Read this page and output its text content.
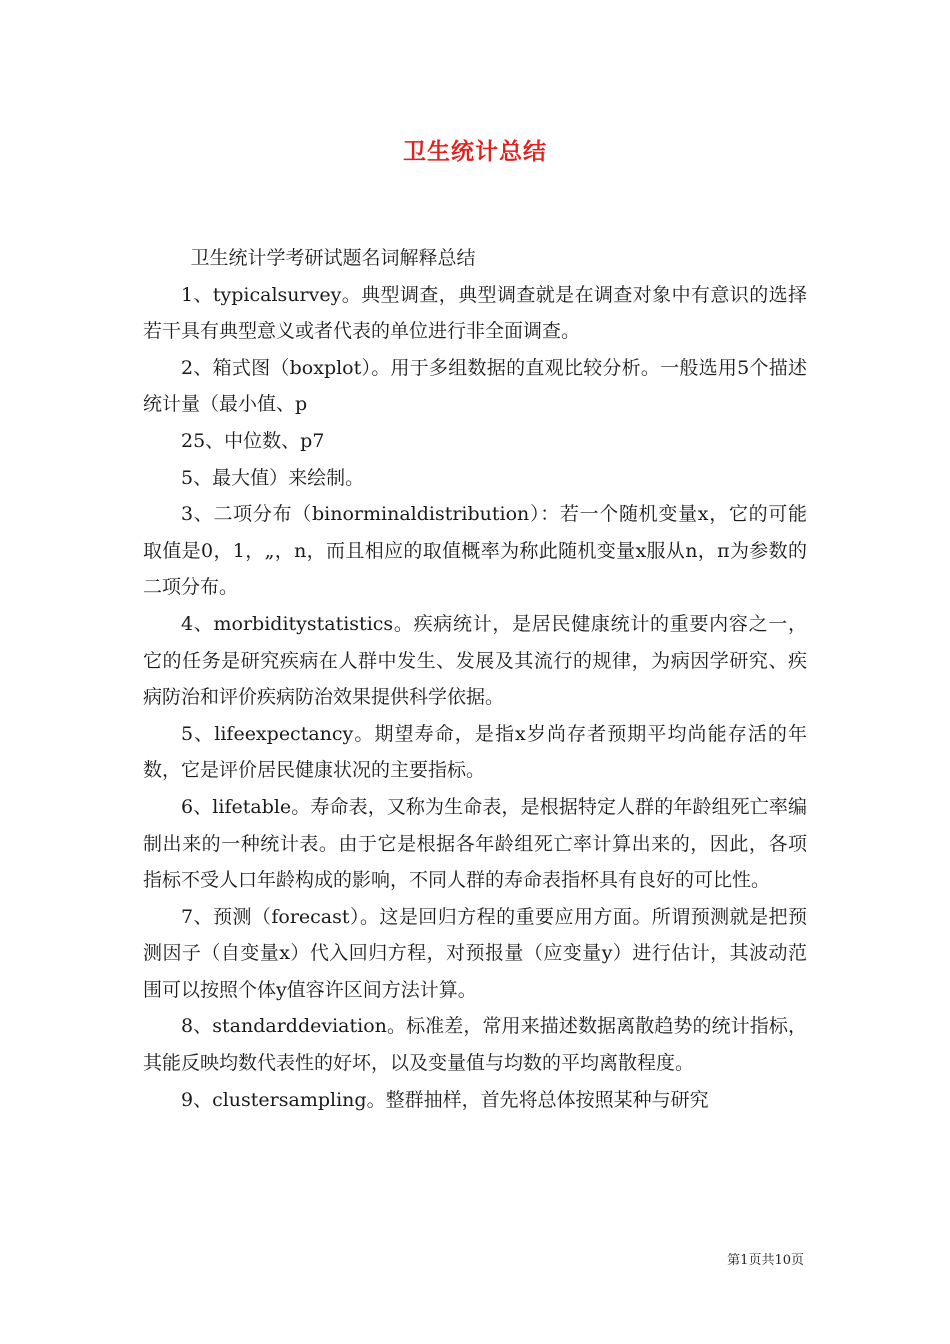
卫生统计总结

卫生统计学考研试题名词解释总结

1、typicalsurvey。典型调查，典型调查就是在调查对象中有意识的选择若干具有典型意义或者代表的单位进行非全面调查。

2、箱式图（boxplot）。用于多组数据的直观比较分析。一般选用5个描述统计量（最小值、p

25、中位数、p7

5、最大值）来绘制。

3、二项分布（binorminaldistribution）：若一个随机变量x，它的可能取值是0，1，„，n，而且相应的取值概率为称此随机变量x服从n，π为参数的二项分布。

4、morbiditystatistics。疾病统计，是居民健康统计的重要内容之一，它的任务是研究疾病在人群中发生、发展及其流行的规律，为病因学研究、疾病防治和评价疾病防治效果提供科学依据。

5、lifeexpectancy。期望寿命，是指x岁尚存者预期平均尚能存活的年数，它是评价居民健康状况的主要指标。

6、lifetable。寿命表，又称为生命表，是根据特定人群的年龄组死亡率编制出来的一种统计表。由于它是根据各年龄组死亡率计算出来的，因此，各项指标不受人口年龄构成的影响，不同人群的寿命表指杯具有良好的可比性。

7、预测（forecast）。这是回归方程的重要应用方面。所谓预测就是把预测因子（自变量x）代入回归方程，对预报量（应变量y）进行估计，其波动范围可以按照个体y值容许区间方法计算。

8、standarddeviation。标准差，常用来描述数据离散趋势的统计指标，其能反映均数代表性的好坏，以及变量值与均数的平均离散程度。

9、clustersampling。整群抽样，首先将总体按照某种与研究

第1页共10页
